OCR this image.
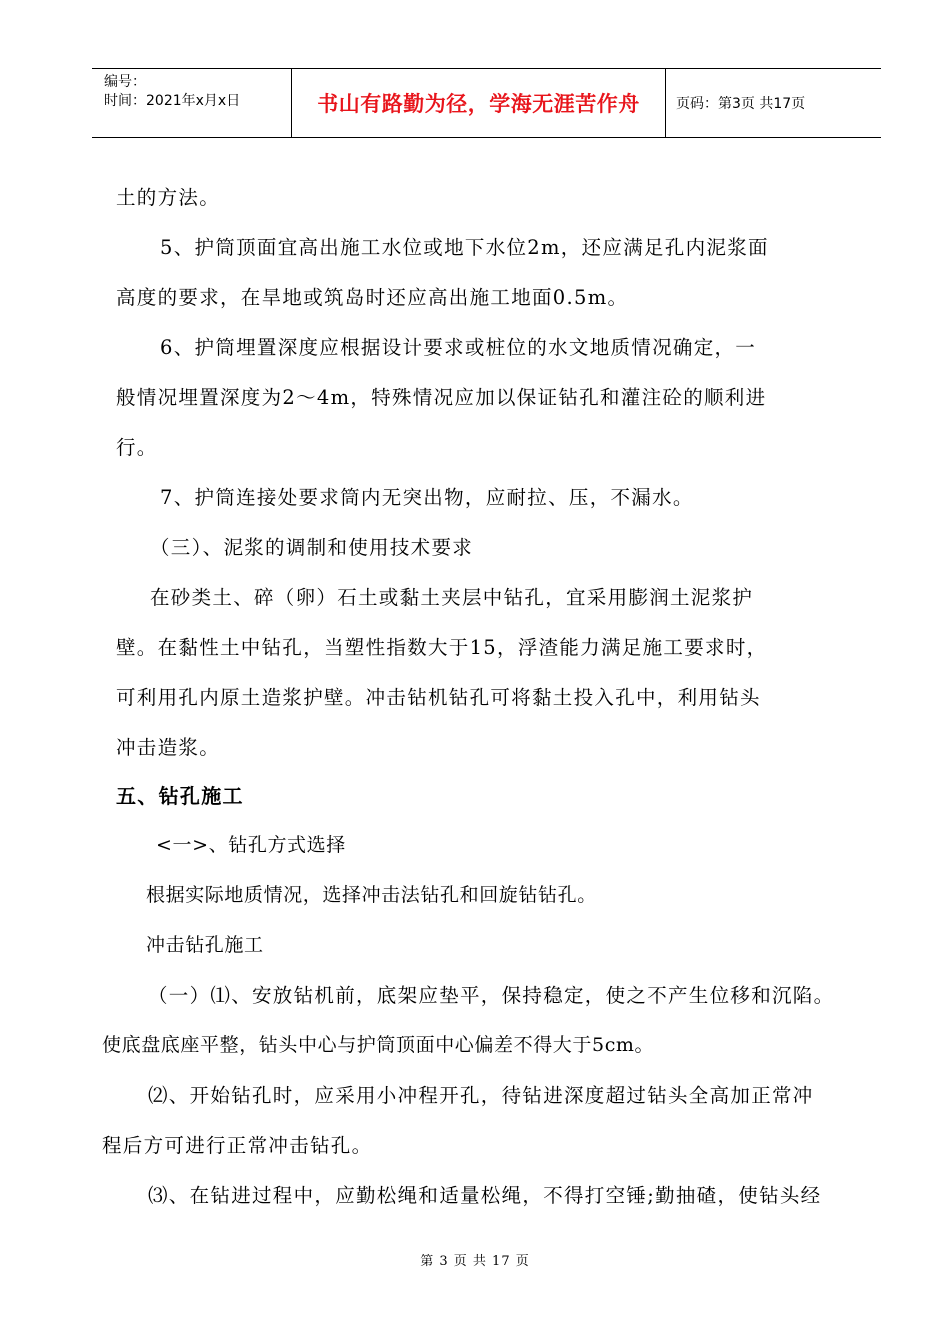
编号：
时间：2021年x月x日	书山有路勤为径，学海无涯苦作舟	页码：第3页 共17页
土的方法。
5、护筒顶面宜高出施工水位或地下水位2m，还应满足孔内泥浆面
高度的要求，在旱地或筑岛时还应高出施工地面0.5m。
6、护筒埋置深度应根据设计要求或桩位的水文地质情况确定，一
般情况埋置深度为2～4m，特殊情况应加以保证钻孔和灌注砼的顺利进
行。
7、护筒连接处要求筒内无突出物，应耐拉、压，不漏水。
（三）、泥浆的调制和使用技术要求
在砂类土、碎（卵）石土或黏土夹层中钻孔，宜采用膨润土泥浆护
壁。在黏性土中钻孔，当塑性指数大于15，浮渣能力满足施工要求时，
可利用孔内原土造浆护壁。冲击钻机钻孔可将黏土投入孔中，利用钻头
冲击造浆。
五、钻孔施工
<一>、钻孔方式选择
根据实际地质情况，选择冲击法钻孔和回旋钻钻孔。
冲击钻孔施工
（一）⑴、安放钻机前，底架应垫平，保持稳定，使之不产生位移和沉陷。
使底盘底座平整，钻头中心与护筒顶面中心偏差不得大于5cm。
⑵、开始钻孔时，应采用小冲程开孔，待钻进深度超过钻头全高加正常冲
程后方可进行正常冲击钻孔。
⑶、在钻进过程中，应勤松绳和适量松绳，不得打空锤;勤抽碴，使钻头经
第 3 页 共 17 页
